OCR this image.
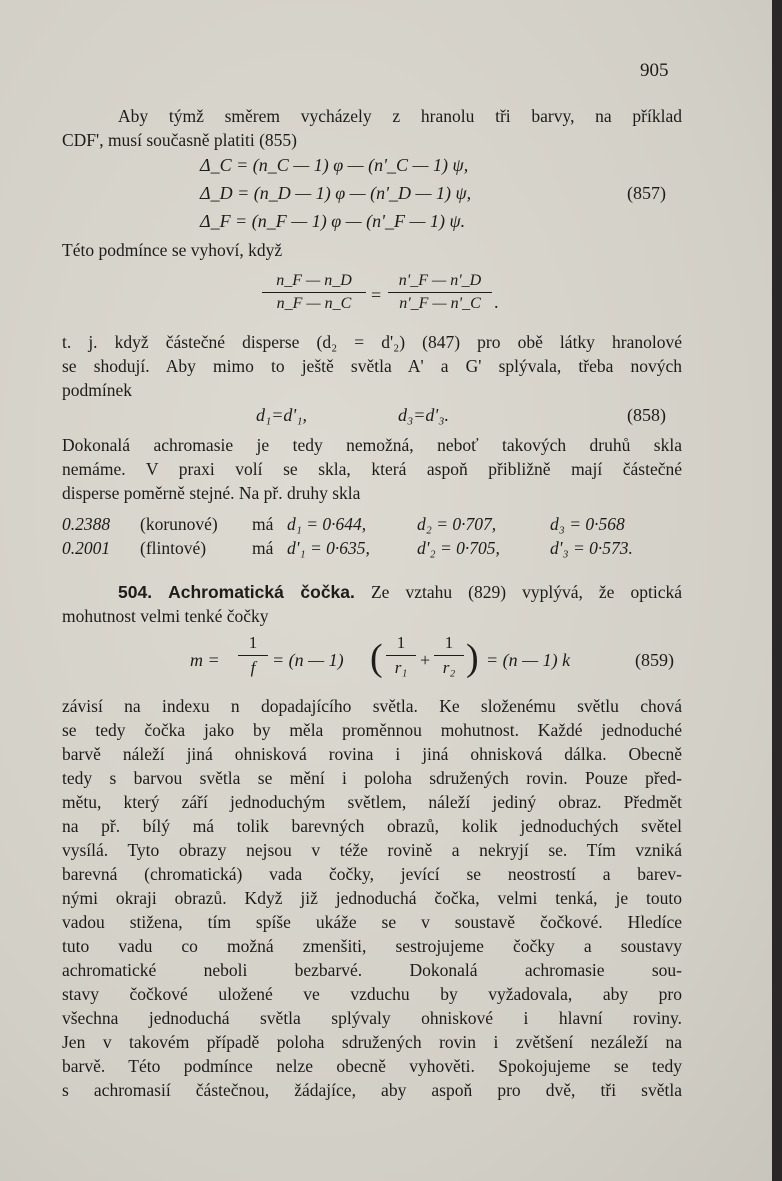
905
Aby týmž směrem vycházely z hranolu tři barvy, na příklad
CDF', musí současně platiti (855)
Δ_C = (n_C — 1) φ — (n'_C — 1) ψ,
Δ_D = (n_D — 1) φ — (n'_D — 1) ψ,	(857)
Δ_F = (n_F — 1) φ — (n'_F — 1) ψ.
Této podmínce se vyhoví, když
$\frac{n\_F — n\_D}{n\_F — n\_C} = \frac{n'\_F — n'\_D}{n'\_F — n'\_C}$ .
t. j. když částečné disperse (d₂ = d'₂) (847) pro obě látky hranolové
se shodují. Aby mimo to ještě světla A' a G' splývala, třeba nových
podmínek
d₁=d'₁,	d₃=d'₃.	(858)
Dokonalá achromasie je tedy nemožná, neboť takových druhů skla
nemáme. V praxi volí se skla, která aspoň přibližně mají částečné
disperse poměrně stejné. Na př. druhy skla
0.2388 (korunové) má d₁ = 0·644,	d₂ = 0·707,	d₃ = 0·568
0.2001 (flintové)	má d'₁ = 0·635,	d'₂ = 0·705,	d'₃ = 0·573.
504. Achromatická čočka. Ze vztahu (829) vyplývá, že optická
mohutnost velmi tenké čočky
$m = \frac{1}{f} = (n$ — 1) ( $\frac{1}{\text{r₁}} + \frac{1}{\text{r₂}}$ ) = (n — 1) k	(859)
závisí na indexu n dopadajícího světla. Ke složenému světlu chová
se tedy čočka jako by měla proměnnou mohutnost. Každé jednoduché
barvě náleží jiná ohnisková rovina i jiná ohnisková dálka. Obecně
tedy s barvou světla se mění i poloha sdružených rovin. Pouze před-
mětu, který září jednoduchým světlem, náleží jediný obraz. Předmět
na př. bílý má tolik barevných obrazů, kolik jednoduchých světel
vysílá. Tyto obrazy nejsou v téže rovině a nekryjí se. Tím vzniká
barevná (chromatická) vada čočky, jevící se neostrostí a barev-
nými okraji obrazů. Když již jednoduchá čočka, velmi tenká, je touto
vadou stižena, tím spíše ukáže se v soustavě čočkové. Hledíce
tuto vadu co možná zmenšiti, sestrojujeme čočky a soustavy
achromatické neboli bezbarvé. Dokonalá achromasie sou-
stavy čočkové uložené ve vzduchu by vyžadovala, aby pro
všechna jednoduchá světla splývaly ohniskové i hlavní roviny.
Jen v takovém případě poloha sdružených rovin i zvětšení nezáleží na
barvě. Této podmínce nelze obecně vyhověti. Spokojujeme se tedy
s achromasií částečnou, žádajíce, aby aspoň pro dvě, tři světla
